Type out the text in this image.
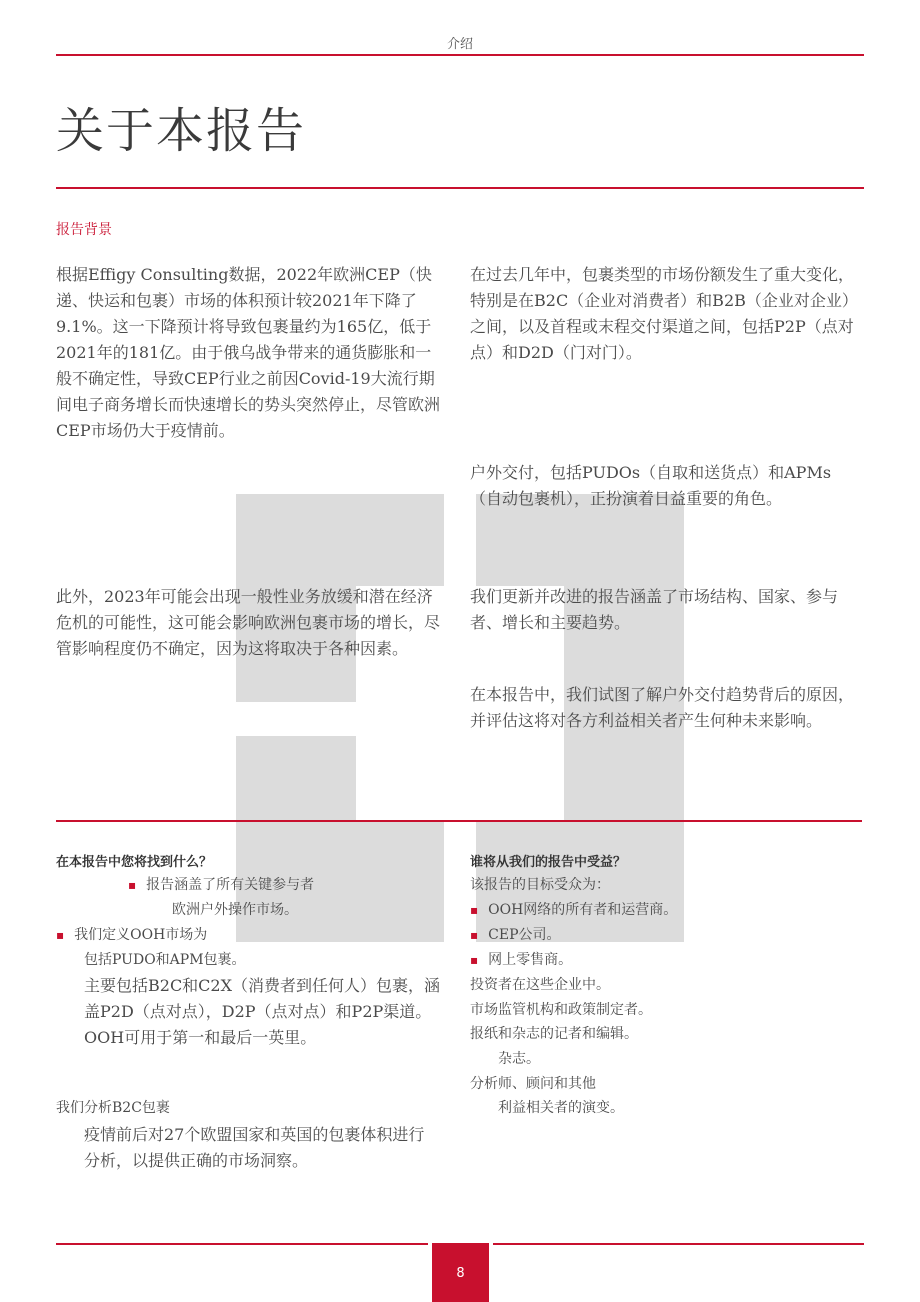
介绍
关于本报告
报告背景
根据Effigy Consulting数据，2022年欧洲CEP（快递、快运和包裹）市场的体积预计较2021年下降了9.1%。这一下降预计将导致包裹量约为165亿，低于2021年的181亿。由于俄乌战争带来的通货膨胀和一般不确定性，导致CEP行业之前因Covid-19大流行期间电子商务增长而快速增长的势头突然停止，尽管欧洲CEP市场仍大于疫情前。
此外，2023年可能会出现一般性业务放缓和潜在经济危机的可能性，这可能会影响欧洲包裹市场的增长，尽管影响程度仍不确定，因为这将取决于各种因素。
在过去几年中，包裹类型的市场份额发生了重大变化，特别是在B2C（企业对消费者）和B2B（企业对企业）之间，以及首程或末程交付渠道之间，包括P2P（点对点）和D2D（门对门）。
户外交付，包括PUDOs（自取和送货点）和APMs（自动包裹机），正扮演着日益重要的角色。
我们更新并改进的报告涵盖了市场结构、国家、参与者、增长和主要趋势。
在本报告中，我们试图了解户外交付趋势背后的原因，并评估这将对各方利益相关者产生何种未来影响。
在本报告中您将找到什么？
▪ 报告涵盖了所有关键参与者
欧洲户外操作市场。
▪ 我们定义OOH市场为
包括PUDO和APM包裹。
主要包括B2C和C2X（消费者到任何人）包裹，涵盖P2D（点对点），D2P（点对点）和P2P渠道。OOH可用于第一和最后一英里。
我们分析B2C包裹
疫情前后对27个欧盟国家和英国的包裹体积进行分析，以提供正确的市场洞察。
谁将从我们的报告中受益？
该报告的目标受众为：
▪ OOH网络的所有者和运营商。
▪ CEP公司。
▪ 网上零售商。
投资者在这些企业中。
市场监管机构和政策制定者。
报纸和杂志的记者和编辑。
杂志。
分析师、顾问和其他
利益相关者的演变。
8
